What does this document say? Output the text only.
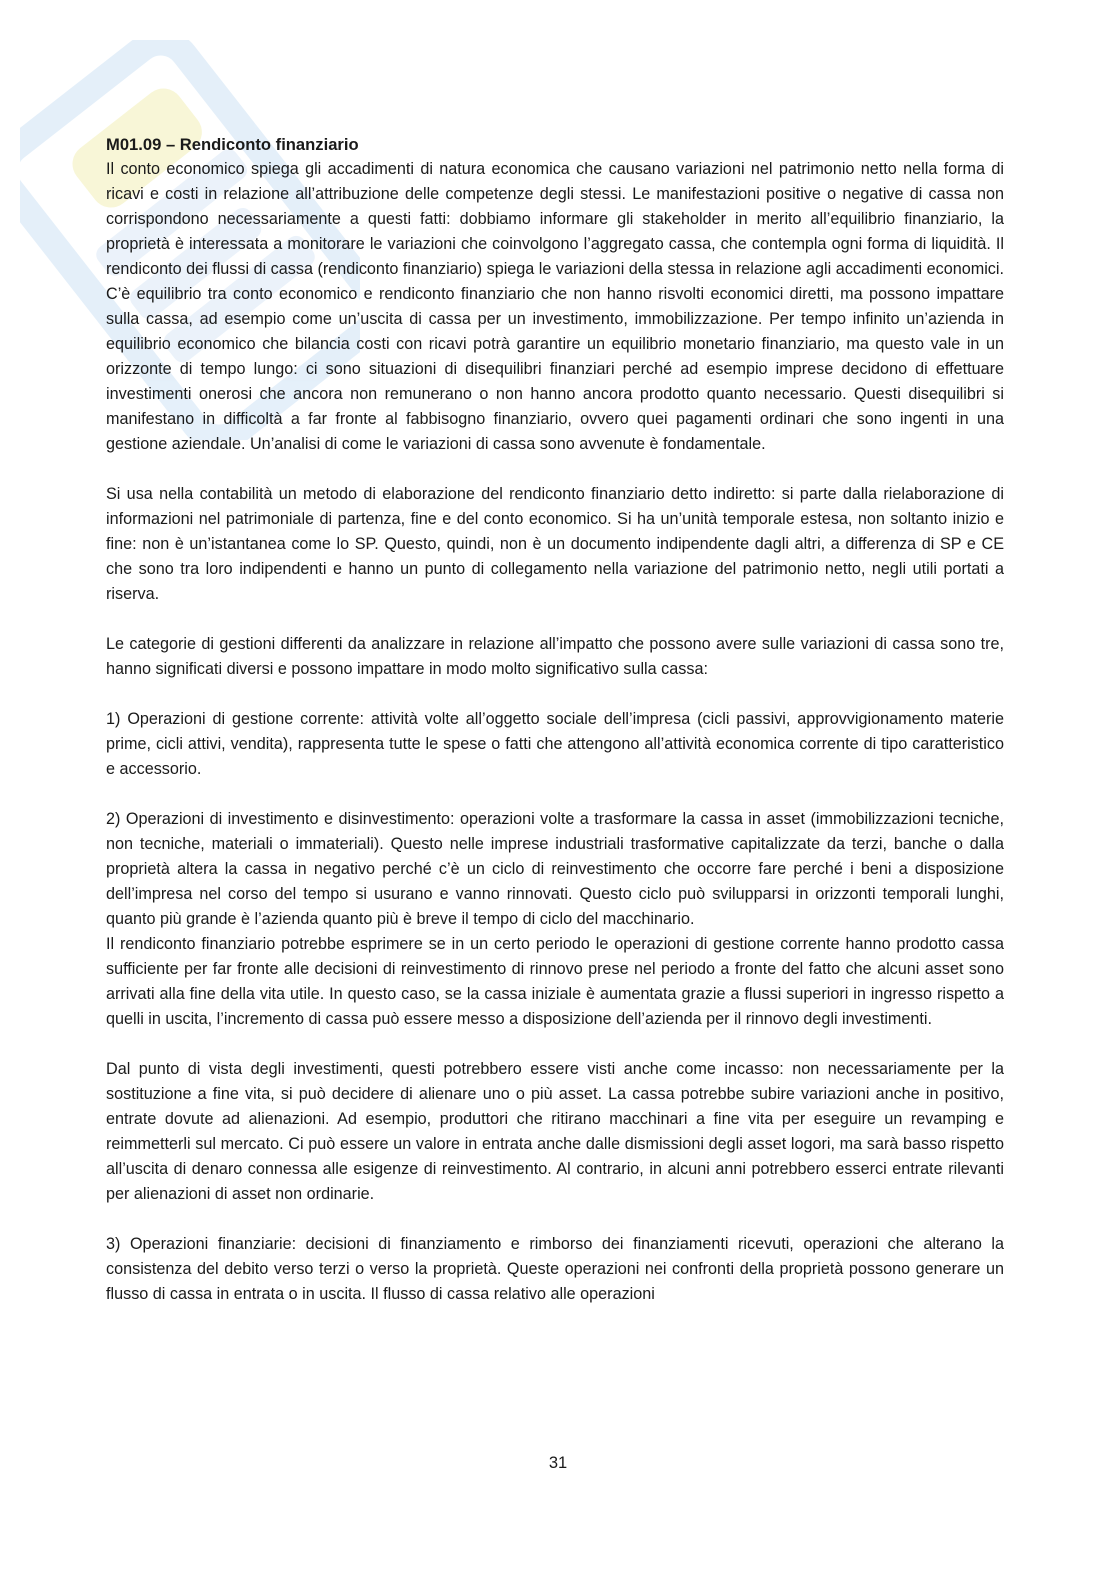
M01.09 – Rendiconto finanziario

Il conto economico spiega gli accadimenti di natura economica che causano variazioni nel patrimonio netto nella forma di ricavi e costi in relazione all’attribuzione delle competenze degli stessi. Le manifestazioni positive o negative di cassa non corrispondono necessariamente a questi fatti: dobbiamo informare gli stakeholder in merito all’equilibrio finanziario, la proprietà è interessata a monitorare le variazioni che coinvolgono l’aggregato cassa, che contempla ogni forma di liquidità. Il rendiconto dei flussi di cassa (rendiconto finanziario) spiega le variazioni della stessa in relazione agli accadimenti economici. C’è equilibrio tra conto economico e rendiconto finanziario che non hanno risvolti economici diretti, ma possono impattare sulla cassa, ad esempio come un’uscita di cassa per un investimento, immobilizzazione. Per tempo infinito un’azienda in equilibrio economico che bilancia costi con ricavi potrà garantire un equilibrio monetario finanziario, ma questo vale in un orizzonte di tempo lungo: ci sono situazioni di disequilibri finanziari perché ad esempio imprese decidono di effettuare investimenti onerosi che ancora non remunerano o non hanno ancora prodotto quanto necessario. Questi disequilibri si manifestano in difficoltà a far fronte al fabbisogno finanziario, ovvero quei pagamenti ordinari che sono ingenti in una gestione aziendale. Un’analisi di come le variazioni di cassa sono avvenute è fondamentale.

Si usa nella contabilità un metodo di elaborazione del rendiconto finanziario detto indiretto: si parte dalla rielaborazione di informazioni nel patrimoniale di partenza, fine e del conto economico. Si ha un’unità temporale estesa, non soltanto inizio e fine: non è un’istantanea come lo SP. Questo, quindi, non è un documento indipendente dagli altri, a differenza di SP e CE che sono tra loro indipendenti e hanno un punto di collegamento nella variazione del patrimonio netto, negli utili portati a riserva.

Le categorie di gestioni differenti da analizzare in relazione all’impatto che possono avere sulle variazioni di cassa sono tre, hanno significati diversi e possono impattare in modo molto significativo sulla cassa:

1) Operazioni di gestione corrente: attività volte all’oggetto sociale dell’impresa (cicli passivi, approvvigionamento materie prime, cicli attivi, vendita), rappresenta tutte le spese o fatti che attengono all’attività economica corrente di tipo caratteristico e accessorio.

2) Operazioni di investimento e disinvestimento: operazioni volte a trasformare la cassa in asset (immobilizzazioni tecniche, non tecniche, materiali o immateriali). Questo nelle imprese industriali trasformative capitalizzate da terzi, banche o dalla proprietà altera la cassa in negativo perché c’è un ciclo di reinvestimento che occorre fare perché i beni a disposizione dell’impresa nel corso del tempo si usurano e vanno rinnovati. Questo ciclo può svilupparsi in orizzonti temporali lunghi, quanto più grande è l’azienda quanto più è breve il tempo di ciclo del macchinario.

Il rendiconto finanziario potrebbe esprimere se in un certo periodo le operazioni di gestione corrente hanno prodotto cassa sufficiente per far fronte alle decisioni di reinvestimento di rinnovo prese nel periodo a fronte del fatto che alcuni asset sono arrivati alla fine della vita utile. In questo caso, se la cassa iniziale è aumentata grazie a flussi superiori in ingresso rispetto a quelli in uscita, l’incremento di cassa può essere messo a disposizione dell’azienda per il rinnovo degli investimenti.

Dal punto di vista degli investimenti, questi potrebbero essere visti anche come incasso: non necessariamente per la sostituzione a fine vita, si può decidere di alienare uno o più asset. La cassa potrebbe subire variazioni anche in positivo, entrate dovute ad alienazioni. Ad esempio, produttori che ritirano macchinari a fine vita per eseguire un revamping e reimmetterli sul mercato. Ci può essere un valore in entrata anche dalle dismissioni degli asset logori, ma sarà basso rispetto all’uscita di denaro connessa alle esigenze di reinvestimento. Al contrario, in alcuni anni potrebbero esserci entrate rilevanti per alienazioni di asset non ordinarie.

3) Operazioni finanziarie: decisioni di finanziamento e rimborso dei finanziamenti ricevuti, operazioni che alterano la consistenza del debito verso terzi o verso la proprietà. Queste operazioni nei confronti della proprietà possono generare un flusso di cassa in entrata o in uscita. Il flusso di cassa relativo alle operazioni

31
